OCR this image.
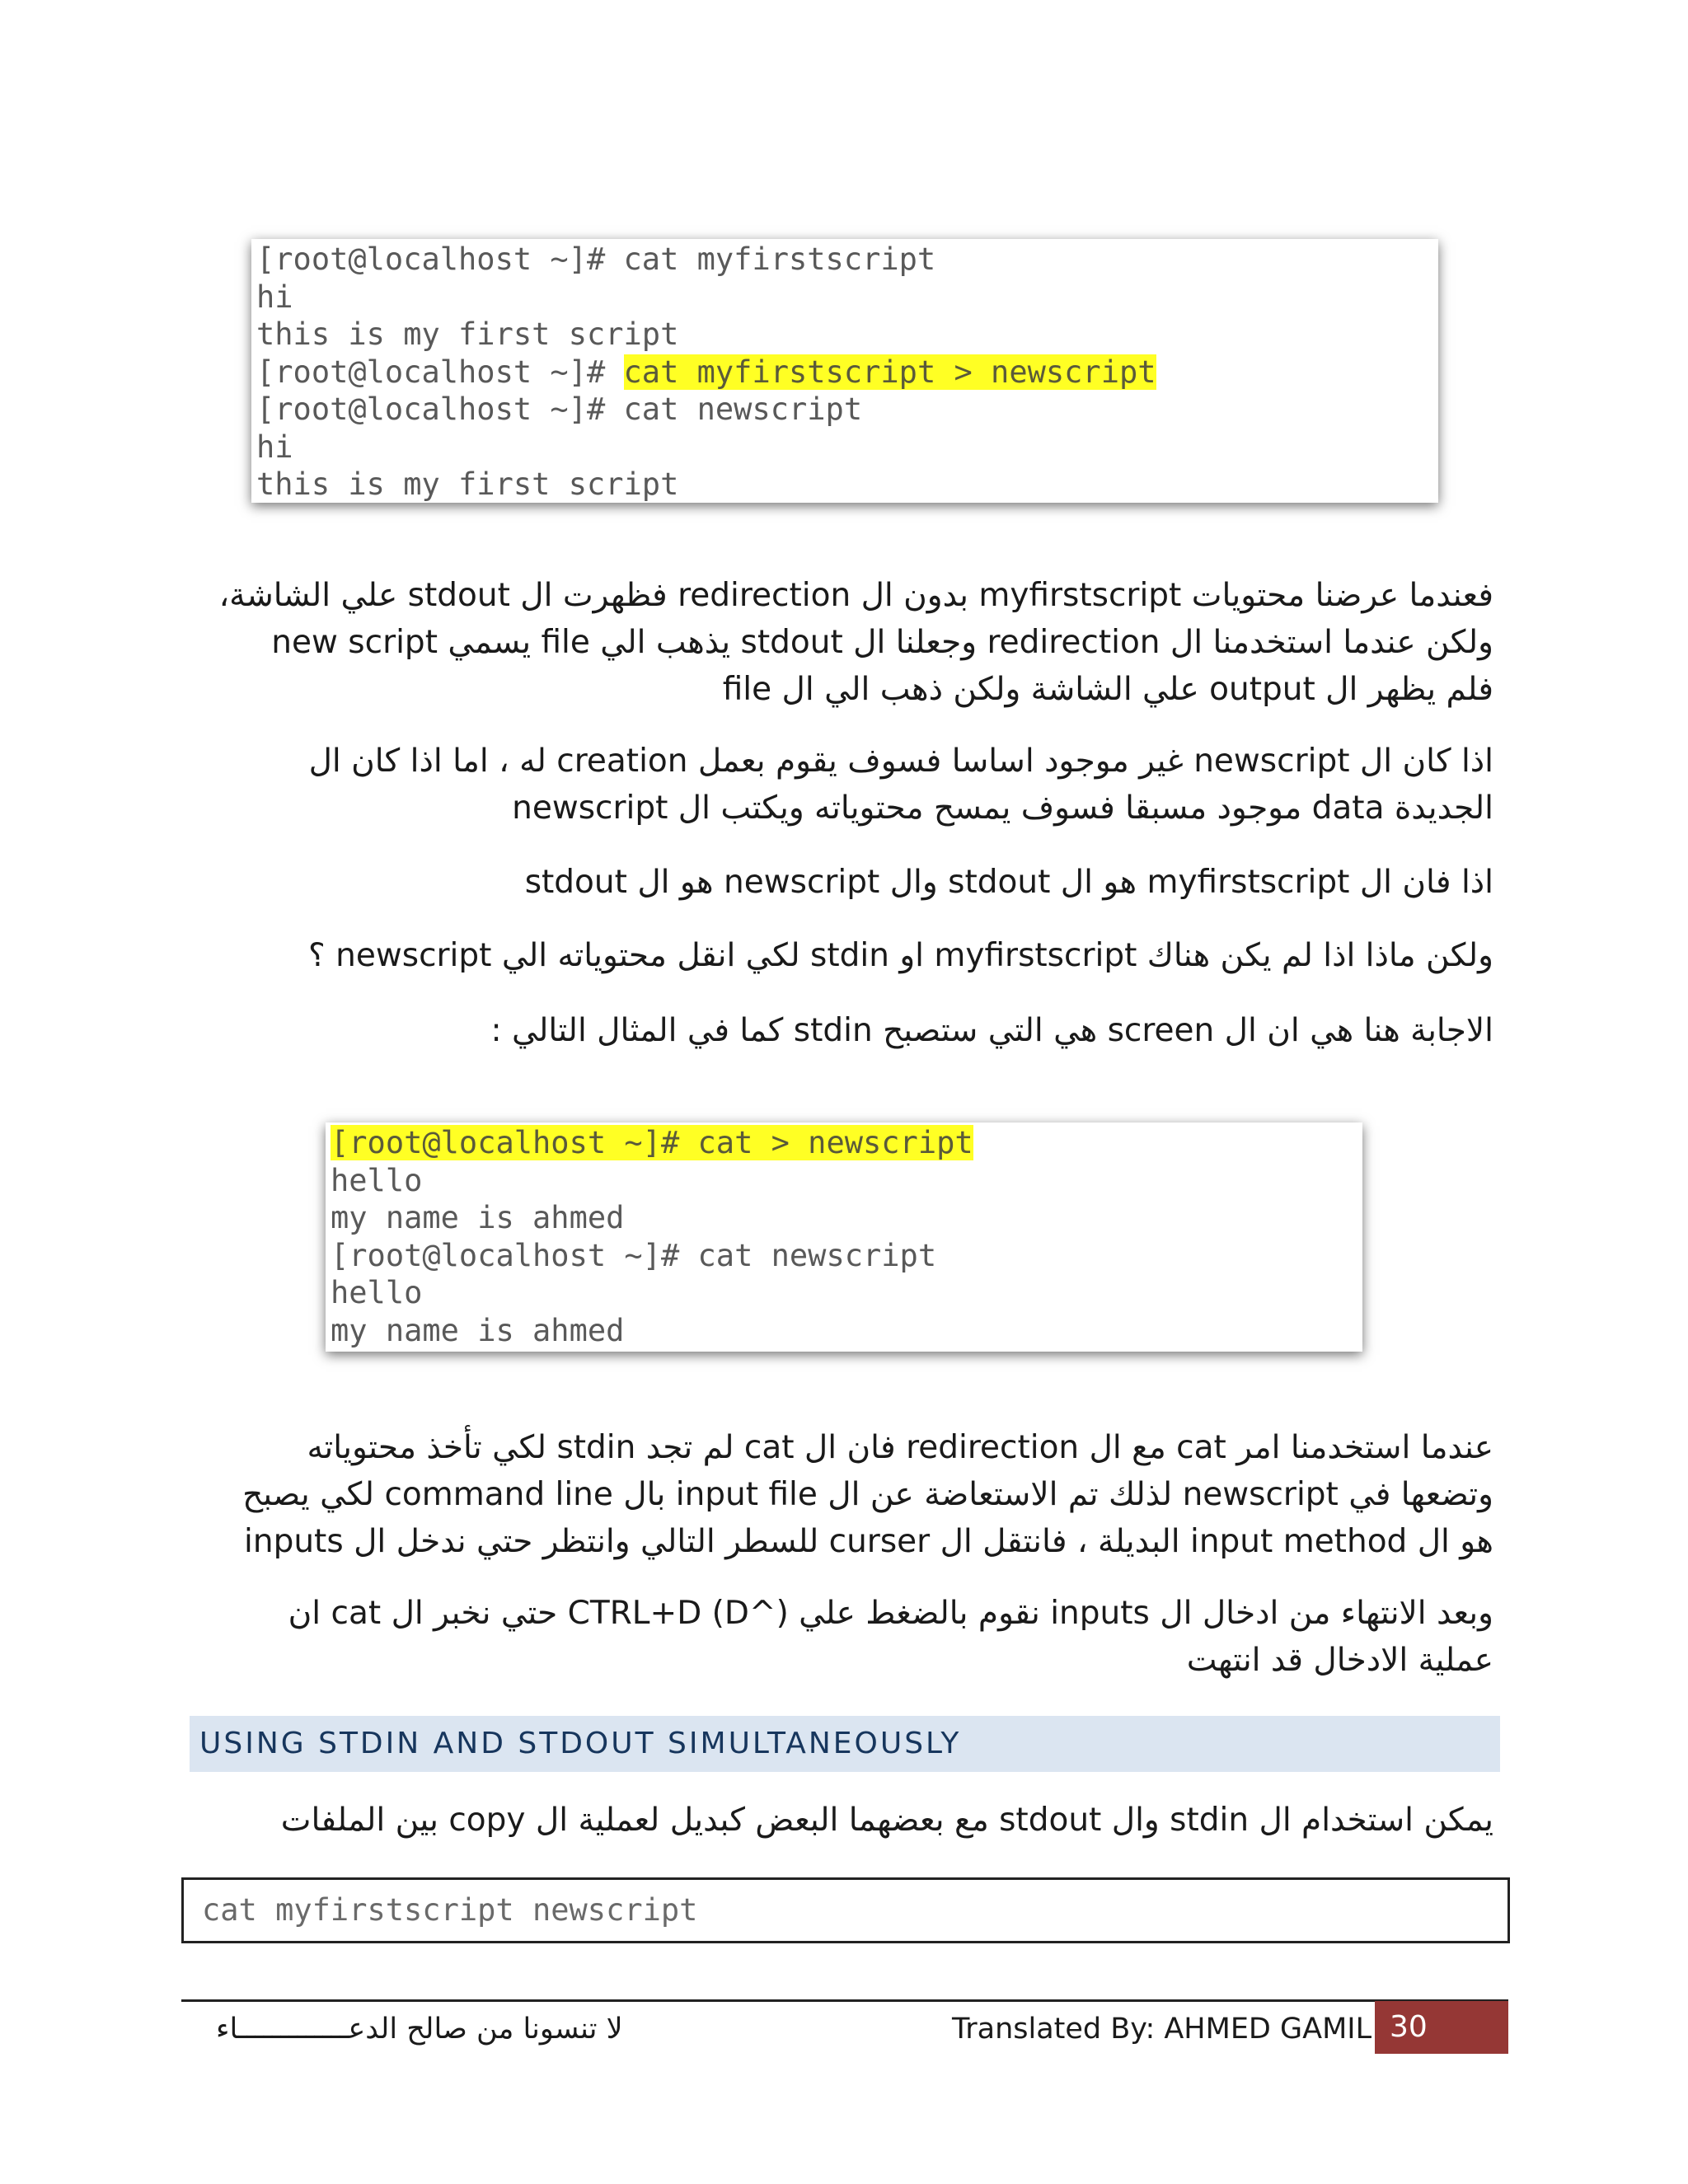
[root@localhost ~]# cat myfirstscript
hi
this is my first script
[root@localhost ~]# cat myfirstscript > newscript
[root@localhost ~]# cat newscript
hi
this is my first script

فعندما عرضنا محتويات myfirstscript بدون ال redirection فظهرت ال stdout علي الشاشة،
ولكن عندما استخدمنا ال redirection وجعلنا ال stdout يذهب الي file يسمي new script
فلم يظهر ال output علي الشاشة ولكن ذهب الي ال file

اذا كان ال newscript غير موجود اساسا فسوف يقوم بعمل creation له ، اما اذا كان ال
newscript موجود مسبقا فسوف يمسح محتوياته ويكتب ال data الجديدة

اذا فان ال myfirstscript هو ال stdout وال newscript هو ال stdout

ولكن ماذا اذا لم يكن هناك myfirstscript او stdin لكي انقل محتوياته الي newscript ؟

الاجابة هنا هي ان ال screen هي التي ستصبح stdin كما في المثال التالي :

[root@localhost ~]# cat > newscript
hello
my name is ahmed
[root@localhost ~]# cat newscript
hello
my name is ahmed

عندما استخدمنا امر cat مع ال redirection فان ال cat لم تجد stdin لكي تأخذ محتوياته
وتضعها في newscript لذلك تم الاستعاضة عن ال input file بال command line لكي يصبح
هو ال input method البديلة ، فانتقل ال curser للسطر التالي وانتظر حتي ندخل ال inputs

وبعد الانتهاء من ادخال ال inputs نقوم بالضغط علي (^D) CTRL+D حتي نخبر ال cat ان
عملية الادخال قد انتهت

USING STDIN AND STDOUT SIMULTANEOUSLY

يمكن استخدام ال stdin وال stdout مع بعضهما البعض كبديل لعملية ال copy بين الملفات

cat myfirstscript newscript
لا تنسونا من صالح الدعـــــــــــــاء	Translated By: AHMED GAMIL 30
